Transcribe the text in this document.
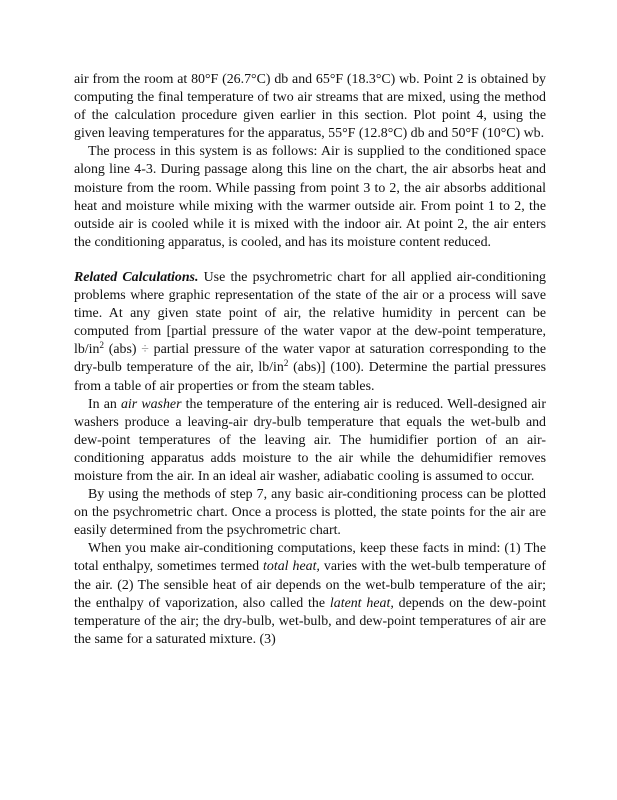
air from the room at 80°F (26.7°C) db and 65°F (18.3°C) wb. Point 2 is obtained by computing the final temperature of two air streams that are mixed, using the method of the calculation procedure given earlier in this section. Plot point 4, using the given leaving temperatures for the apparatus, 55°F (12.8°C) db and 50°F (10°C) wb.

The process in this system is as follows: Air is supplied to the conditioned space along line 4-3. During passage along this line on the chart, the air absorbs heat and moisture from the room. While passing from point 3 to 2, the air absorbs additional heat and moisture while mixing with the warmer outside air. From point 1 to 2, the outside air is cooled while it is mixed with the indoor air. At point 2, the air enters the conditioning apparatus, is cooled, and has its moisture content reduced.

Related Calculations. Use the psychrometric chart for all applied air-conditioning problems where graphic representation of the state of the air or a process will save time. At any given state point of air, the relative humidity in percent can be computed from [partial pressure of the water vapor at the dew-point temperature, $lb/in^2$ (abs) ÷ partial pressure of the water vapor at saturation corresponding to the dry-bulb temperature of the air, $lb/in^2$ (abs)] (100). Determine the partial pressures from a table of air properties or from the steam tables.

In an air washer the temperature of the entering air is reduced. Well-designed air washers produce a leaving-air dry-bulb temperature that equals the wet-bulb and dew-point temperatures of the leaving air. The humidifier portion of an air-conditioning apparatus adds moisture to the air while the dehumidifier removes moisture from the air. In an ideal air washer, adiabatic cooling is assumed to occur.

By using the methods of step 7, any basic air-conditioning process can be plotted on the psychrometric chart. Once a process is plotted, the state points for the air are easily determined from the psychrometric chart.

When you make air-conditioning computations, keep these facts in mind: (1) The total enthalpy, sometimes termed total heat, varies with the wet-bulb temperature of the air. (2) The sensible heat of air depends on the wet-bulb temperature of the air; the enthalpy of vaporization, also called the latent heat, depends on the dew-point temperature of the air; the dry-bulb, wet-bulb, and dew-point temperatures of air are the same for a saturated mixture. (3)
